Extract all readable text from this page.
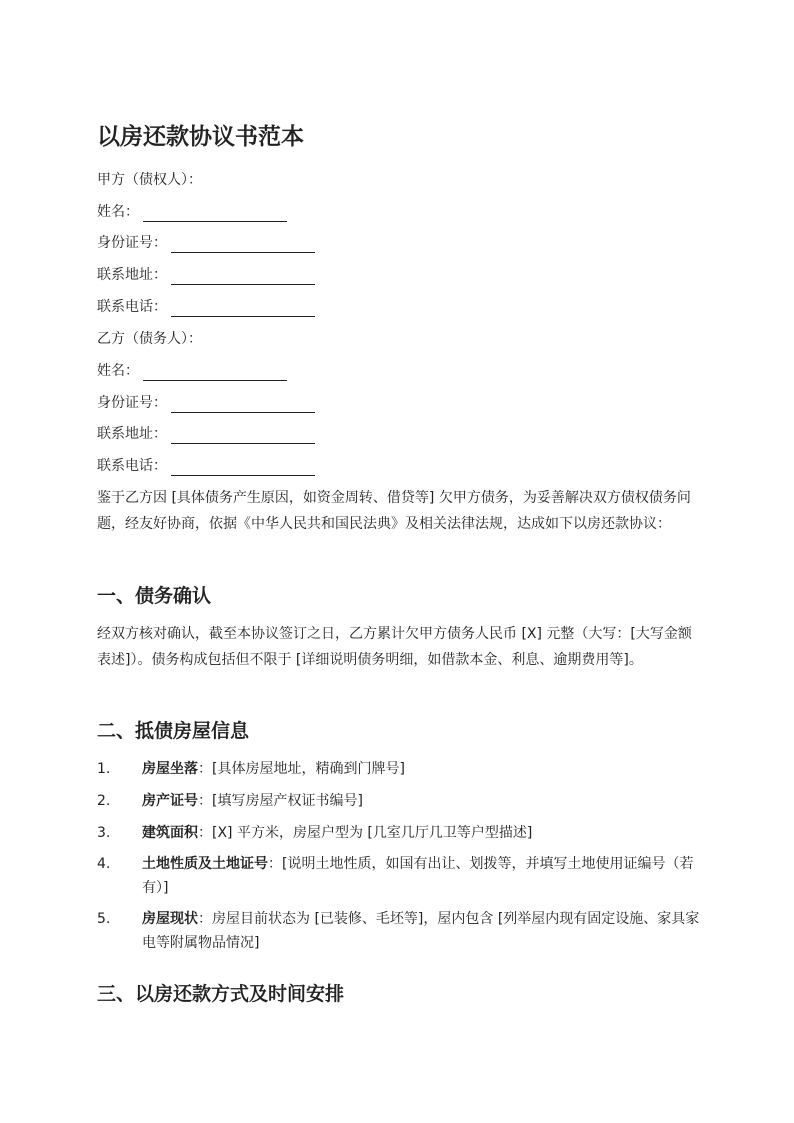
以房还款协议书范本
甲方（债权人）：
姓名：
身份证号：
联系地址：
联系电话：
乙方（债务人）：
姓名：
身份证号：
联系地址：
联系电话：

鉴于乙方因 [具体债务产生原因，如资金周转、借贷等] 欠甲方债务，为妥善解决双方债权债务问题，经友好协商，依据《中华人民共和国民法典》及相关法律法规，达成如下以房还款协议：

一、债务确认

经双方核对确认，截至本协议签订之日，乙方累计欠甲方债务人民币 [X] 元整（大写：[大写金额表述]）。债务构成包括但不限于 [详细说明债务明细，如借款本金、利息、逾期费用等]。

二、抵债房屋信息
1. 房屋坐落：[具体房屋地址，精确到门牌号]
2. 房产证号：[填写房屋产权证书编号]
3. 建筑面积：[X] 平方米，房屋户型为 [几室几厅几卫等户型描述]
4. 土地性质及土地证号：[说明土地性质，如国有出让、划拨等，并填写土地使用证编号（若有）]
5. 房屋现状：房屋目前状态为 [已装修、毛坯等]，屋内包含 [列举屋内现有固定设施、家具家电等附属物品情况]
三、以房还款方式及时间安排
